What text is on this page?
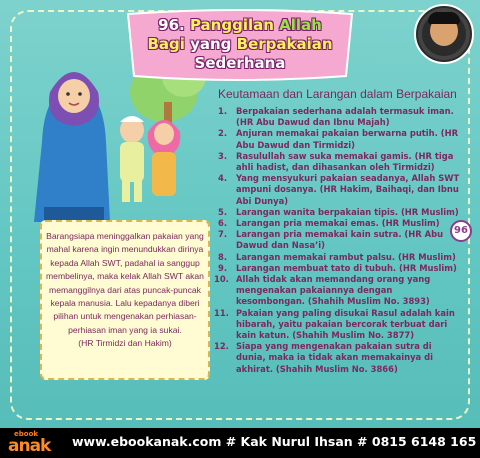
96. Panggilan Allah
Bagi yang Berpakaian
Sederhana
Keutamaan dan Larangan dalam Berpakaian
1. Berpakaian sederhana adalah termasuk iman. (HR Abu Dawud dan Ibnu Majah)
2. Anjuran memakai pakaian berwarna putih. (HR Abu Dawud dan Tirmidzi)
3. Rasulullah saw suka memakai gamis. (HR tiga ahli hadist, dan dihasankan oleh Tirmidzi)
4. Yang mensyukuri pakaian seadanya, Allah SWT ampuni dosanya. (HR Hakim, Baihaqi, dan Ibnu Abi Dunya)
5. Larangan wanita berpakaian tipis. (HR Muslim)
6. Larangan pria memakai emas. (HR Muslim)
7. Larangan pria memakai kain sutra. (HR Abu Dawud dan Nasa’i)
8. Larangan memakai rambut palsu. (HR Muslim)
9. Larangan membuat tato di tubuh. (HR Muslim)
10. Allah tidak akan memandang orang yang mengenakan pakaiannya dengan kesombongan. (Shahih Muslim No. 3893)
11. Pakaian yang paling disukai Rasul adalah kain hibarah, yaitu pakaian bercorak terbuat dari kain katun. (Shahih Muslim No. 3877)
12. Siapa yang mengenakan pakaian sutra di dunia, maka ia tidak akan memakainya di akhirat. (Shahih Muslim No. 3866)
96
Barangsiapa meninggalkan pakaian yang mahal karena ingin menundukkan dirinya kepada Allah SWT, padahal ia sanggup membelinya, maka kelak Allah SWT akan memanggilnya dari atas puncak-puncak kepala manusia. Lalu kepadanya diberi pilihan untuk mengenakan perhiasan-perhiasan iman yang ia sukai.
(HR Tirmidzi dan Hakim)
ebook
anak www.ebookanak.com # Kak Nurul Ihsan # 0815 6148 165
